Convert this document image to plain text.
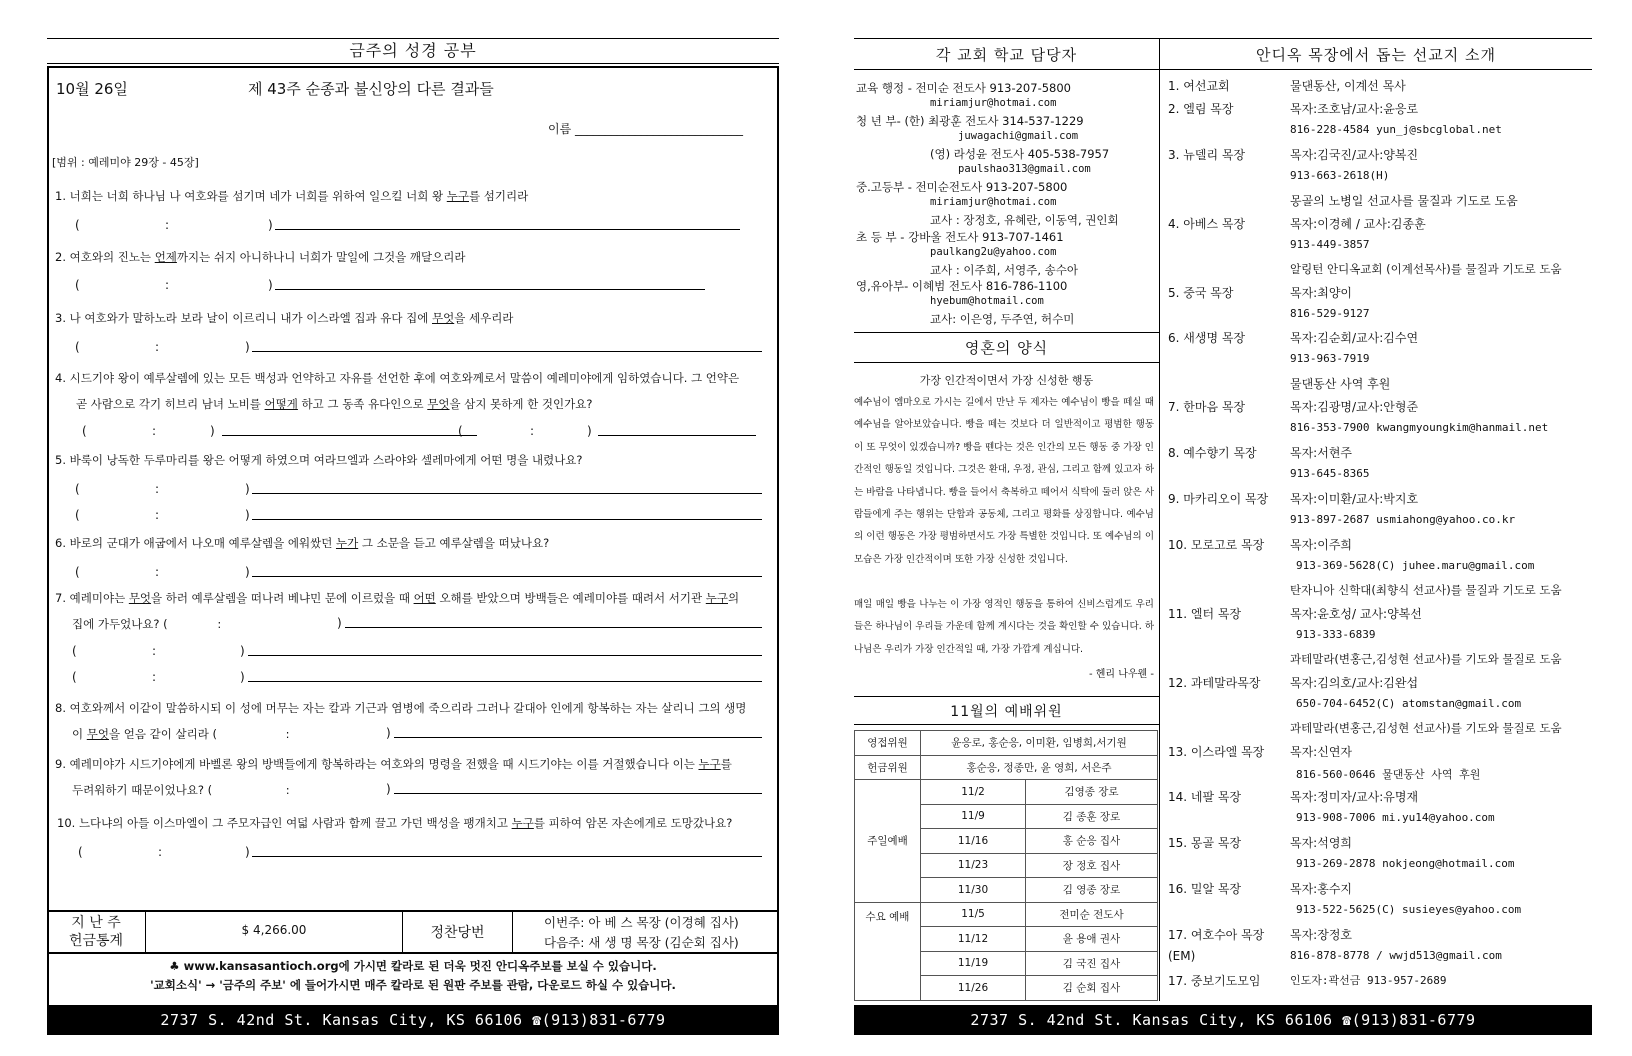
금주의 성경 공부
10월 26일	제 43주 순종과 불신앙의 다른 결과들
이름 ____________________________
[범위 : 예레미야 29장 - 45장]
1. 너희는 너희 하나님 나 여호와를 섬기며 네가 너희를 위하여 일으킬 너희 왕 누구를 섬기리라
(	:	)
2. 여호와의 진노는 언제까지는 쉬지 아니하나니 너희가 말일에 그것을 깨달으리라
(	:	)
3. 나 여호와가 말하노라 보라 날이 이르리니 내가 이스라엘 집과 유다 집에 무엇을 세우리라
(	:	)
4. 시드기야 왕이 예루살렘에 있는 모든 백성과 언약하고 자유를 선언한 후에 여호와께로서 말씀이 예레미야에게 임하였습니다. 그 언약은
곧 사람으로 각기 히브리 남녀 노비를 어떻게 하고 그 동족 유다인으로 무엇을 삼지 못하게 한 것인가요?
(	:	)	(	:	)
5. 바룩이 낭독한 두루마리를 왕은 어떻게 하였으며 여라므엘과 스라야와 셀레마에게 어떤 명을 내렸나요?
(	:	)
(	:	)
6. 바로의 군대가 애굽에서 나오매 예루살렘을 에워쌌던 누가 그 소문을 듣고 예루살렘을 떠났나요?
(	:	)
7. 예레미야는 무엇을 하러 예루살렘을 떠나려 베냐민 문에 이르렀을 때 어떤 오해를 받았으며 방백들은 예레미야를 때려서 서기관 누구의
집에 가두었나요? (	:	)
(	:	)
(	:	)
8. 여호와께서 이같이 말씀하시되 이 성에 머무는 자는 칼과 기근과 염병에 죽으리라 그러나 갈대아 인에게 항복하는 자는 살리니 그의 생명
이 무엇을 얻음 같이 살리라 (	:	)
9. 예레미야가 시드기야에게 바벨론 왕의 방백들에게 항복하라는 여호와의 명령을 전했을 때 시드기야는 이를 거절했습니다 이는 누구를
두려워하기 때문이었나요? (	:	)
10. 느다냐의 아들 이스마엘이 그 주모자급인 여덟 사람과 함께 끌고 가던 백성을 팽개치고 누구를 피하여 암몬 자손에게로 도망갔나요?
(	:	)
지 난 주
헌금통계
$ 4,266.00	정찬당번
이번주: 아 베 스 목장 (이경혜 집사)
다음주: 새 생 명 목장 (김순회 집사)
♣ www.kansasantioch.org에 가시면 칼라로 된 더욱 멋진 안디옥주보를 보실 수 있습니다.
'교회소식' → '금주의 주보' 에 들어가시면 매주 칼라로 된 원판 주보를 관람, 다운로드 하실 수 있습니다.
2737 S. 42nd St. Kansas City, KS 66106 ☎(913)831-6779
각 교회 학교 담당자	안디옥 목장에서 돕는 선교지 소개
교육 행정 - 전미순 전도사 913-207-5800
miriamjur@hotmai.com
청 년 부- (한) 최광훈 전도사 314-537-1229
juwagachi@gmail.com
(영) 라성윤 전도사 405-538-7957
paulshao313@gmail.com
중.고등부 - 전미순전도사 913-207-5800
miriamjur@hotmai.com
교사 : 장정호, 유혜란, 이동역, 권인회
초 등 부 - 강바울 전도사 913-707-1461
paulkang2u@yahoo.com
교사 : 이주희, 서영주, 송수아
영,유아부- 이혜범 전도사 816-786-1100
hyebum@hotmail.com
교사: 이은영, 두주연, 허수미
영혼의 양식
가장 인간적이면서 가장 신성한 행동
예수님이 엠마오로 가시는 길에서 만난 두 제자는 예수님이 빵을 떼실 때 예수님을 알아보았습니다. 빵을 떼는 것보다 더 일반적이고 평범한 행동이 또 무엇이 있겠습니까? 빵을 뗀다는 것은 인간의 모든 행동 중 가장 인간적인 행동일 것입니다. 그것은 환대, 우정, 관심, 그리고 함께 있고자 하는 바람을 나타냅니다. 빵을 들어서 축복하고 떼어서 식탁에 둘러 앉은 사람들에게 주는 행위는 단합과 공동체, 그리고 평화를 상징합니다. 예수님의 이런 행동은 가장 평범하면서도 가장 특별한 것입니다. 또 예수님의 이 모습은 가장 인간적이며 또한 가장 신성한 것입니다.
매일 매일 빵을 나누는 이 가장 영적인 행동을 통하여 신비스럽게도 우리들은 하나님이 우리들 가운데 함께 계시다는 것을 확인할 수 있습니다. 하나님은 우리가 가장 인간적일 때, 가장 가깝게 계십니다.
- 헨리 나우웬 -
11월의 예배위원
영접위원	윤응로, 홍순응, 이미환, 임병희,서기원	
헌금위원	홍순응, 정종만, 윤 영희, 서은주	
주일예배	11/2	김영종 장로
	11/9	김 종훈 장로
	11/16	홍 순응 집사
	11/23	장 정호 집사
	11/30	김 영종 장로
수요 예배	11/5	전미순 전도사
	11/12	윤 용애 권사
	11/19	김 국진 집사
	11/26	김 순회 집사
1. 여선교회	물댄동산, 이계선 목사
2. 엘림 목장	목자:조호남/교사:윤응로
816-228-4584 yun_j@sbcglobal.net
3. 뉴델리 목장	목자:김국진/교사:양복진
913-663-2618(H)
몽골의 노병일 선교사를 물질과 기도로 도움
4. 아베스 목장	목자:이경혜 / 교사:김종훈
913-449-3857
알링턴 안디옥교회 (이계선목사)를 물질과 기도로 도움
5. 중국 목장	목자:최양이
816-529-9127
6. 새생명 목장	목자:김순회/교사:김수연
913-963-7919
물댄동산 사역 후원
7. 한마음 목장	목자:김광명/교사:안형준
816-353-7900 kwangmyoungkim@hanmail.net
8. 예수향기 목장	목자:서현주
913-645-8365
9. 마카리오이 목장 목자:이미환/교사:박지호
913-897-2687 usmiahong@yahoo.co.kr
10. 모로고로 목장 목자:이주희
913-369-5628(C) juhee.maru@gmail.com
탄자니아 신학대(최향식 선교사)를 물질과 기도로 도움
11. 엘터 목장	목자:윤호성/ 교사:양복선
913-333-6839
과테말라(변홍근,김성현 선교사)를 기도와 물질로 도움
12. 과테말라목장 목자:김의호/교사:김완섭
650-704-6452(C) atomstan@gmail.com
과테말라(변홍근,김성현 선교사)를 기도와 물질로 도움
13. 이스라엘 목장 목자:신연자
816-560-0646 물댄동산 사역 후원
14. 네팔 목장	목자:정미자/교사:유명재
913-908-7006 mi.yu14@yahoo.com
15. 몽골 목장	목자:석영희
913-269-2878 nokjeong@hotmail.com
16. 밀알 목장	목자:홍수지
913-522-5625(C) susieyes@yahoo.com
17. 여호수아 목장 목자:장정호
(EM)	816-878-8778 / wwjd513@gmail.com
17. 중보기도모임	인도자:곽선금 913-957-2689
2737 S. 42nd St. Kansas City, KS 66106 ☎(913)831-6779
